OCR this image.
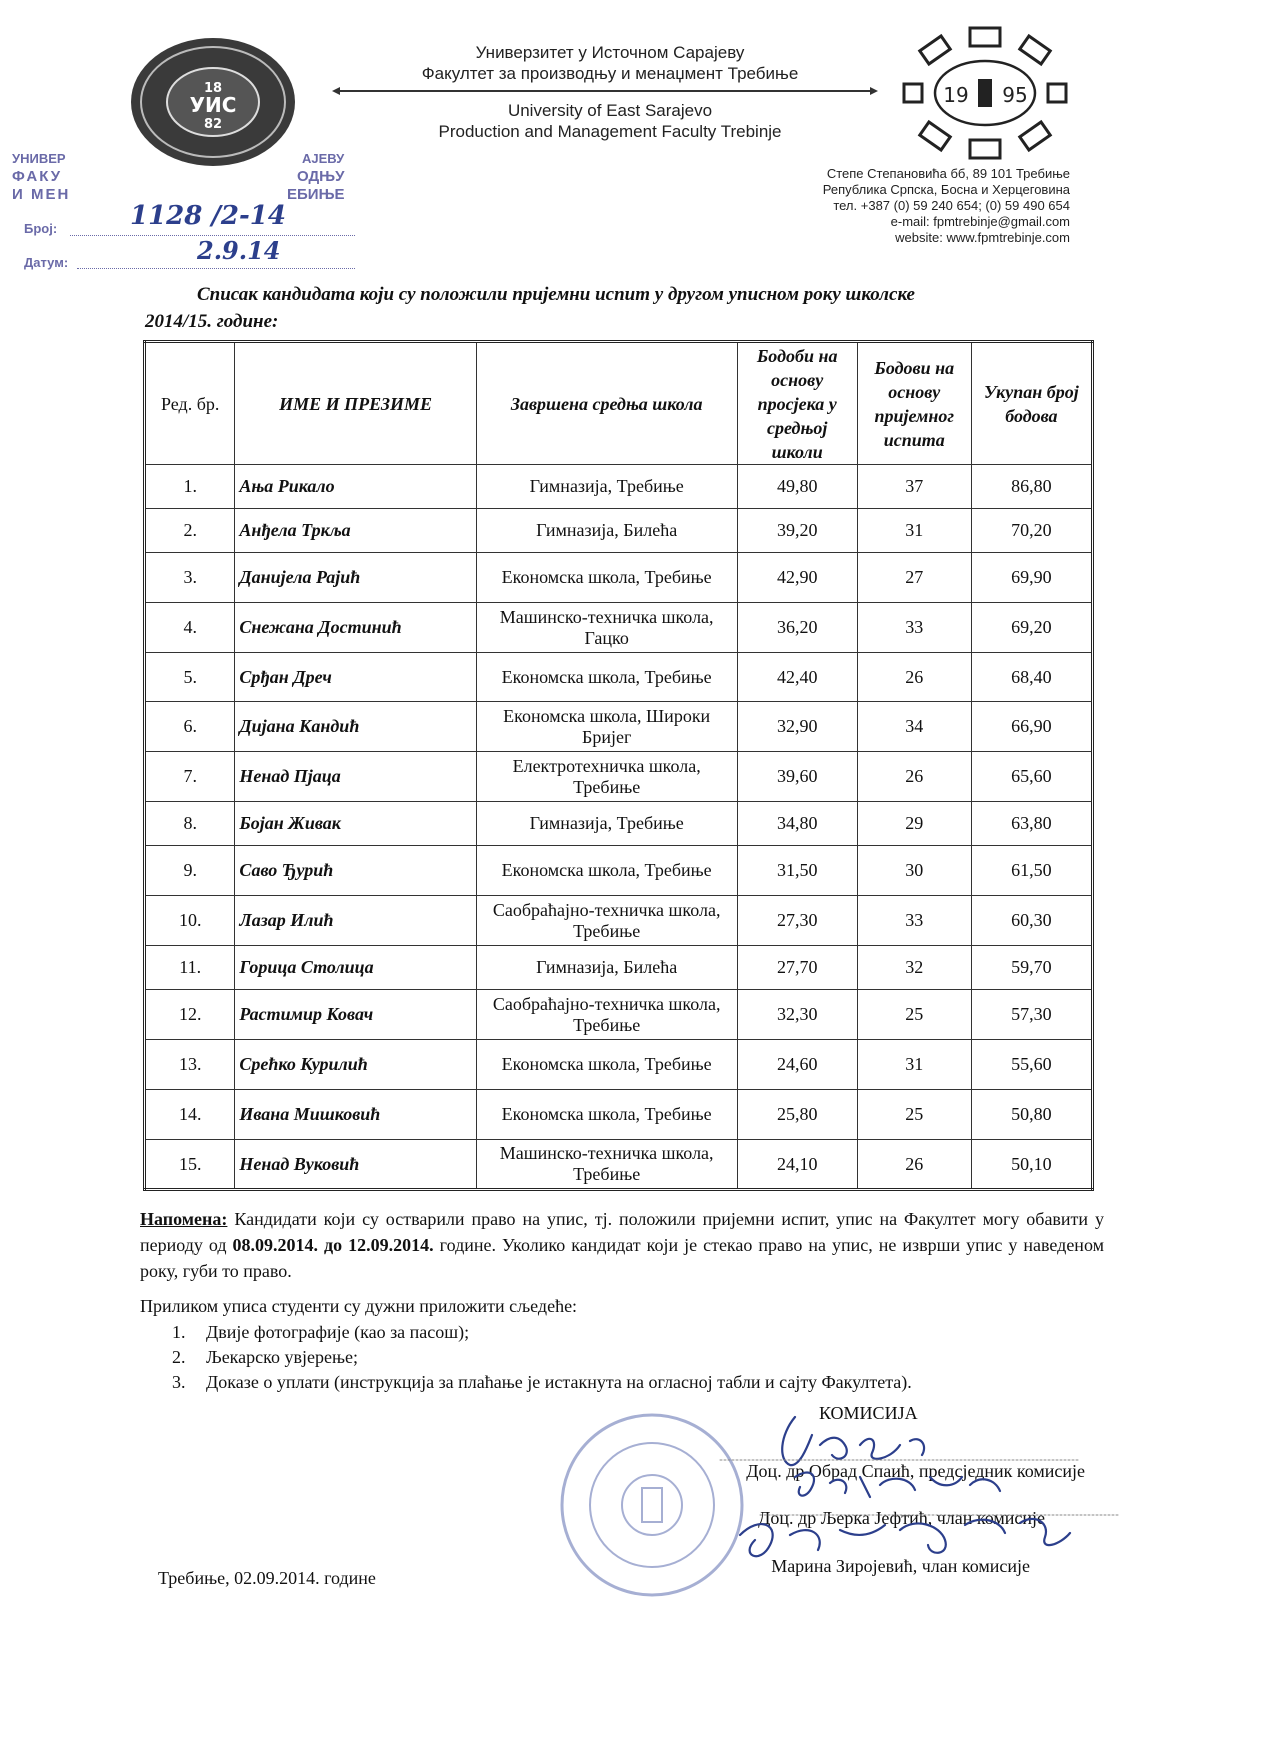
18
УИС
82
Универзитет у Источном Сарајеву
Факултет за производњу и менаџмент Требиње
University of East Sarajevo
Production and Management Faculty Trebinje
19 95
Степе Степановића бб, 89 101 Требиње
Република Српска, Босна и Херцеговина
тел. +387 (0) 59 240 654; (0) 59 490 654
e-mail: fpmtrebinje@gmail.com
website: www.fpmtrebinje.com
УНИВЕР	АЈЕВУ
ФАКУ	ОДЊУ
И МЕН	ЕБИЊЕ
Број:
Датум:
1128 /2-14
2.9.14
Списак кандидата који су положили пријемни испит у другом уписном року школске
2014/15. године:
Ред. бр.	ИМЕ И ПРЕЗИМЕ	Завршена средња школа	Бодоби на основу просјека у средњој школи	Бодови на основу пријемног испита	Укупан број бодова
1.	Ања Рикало	Гимназија, Требиње	49,80	37	86,80
2.	Анђела Тркља	Гимназија, Билећа	39,20	31	70,20
3.	Данијела Рајић	Економска школа, Требиње	42,90	27	69,90
4.	Снежана Достинић	Машинско-техничка школа, Гацко	36,20	33	69,20
5.	Срђан Дреч	Економска школа, Требиње	42,40	26	68,40
6.	Дијана Кандић	Економска школа, Широки Бријег	32,90	34	66,90
7.	Ненад Пјаца	Електротехничка школа, Требиње	39,60	26	65,60
8.	Бојан Живак	Гимназија, Требиње	34,80	29	63,80
9.	Саво Ђурић	Економска школа, Требиње	31,50	30	61,50
10.	Лазар Илић	Саобраћајно-техничка школа, Требиње	27,30	33	60,30
11.	Горица Столица	Гимназија, Билећа	27,70	32	59,70
12.	Растимир Ковач	Саобраћајно-техничка школа, Требиње	32,30	25	57,30
13.	Срећко Курилић	Економска школа, Требиње	24,60	31	55,60
14.	Ивана Мишковић	Економска школа, Требиње	25,80	25	50,80
15.	Ненад Вуковић	Машинско-техничка школа, Требиње	24,10	26	50,10
Напомена: Кандидати који су остварили право на упис, тј. положили пријемни испит, упис на Факултет могу обавити у периоду од 08.09.2014. до 12.09.2014. године. Уколико кандидат који је стекао право на упис, не изврши упис у наведеном року, губи то право.
Приликом уписа студенти су дужни приложити сљедеће:
1. Двије фотографије (као за пасош);
2. Љекарско увјерење;
3. Доказе о уплати (инструкција за плаћање је истакнута на огласној табли и сајту Факултета).
КОМИСИЈА
Доц. др Обрад Спаић, предсједник комисије
Доц. др Љерка Јефтић, члан комисије
Марина Зиројевић, члан комисије
Требиње, 02.09.2014. године
